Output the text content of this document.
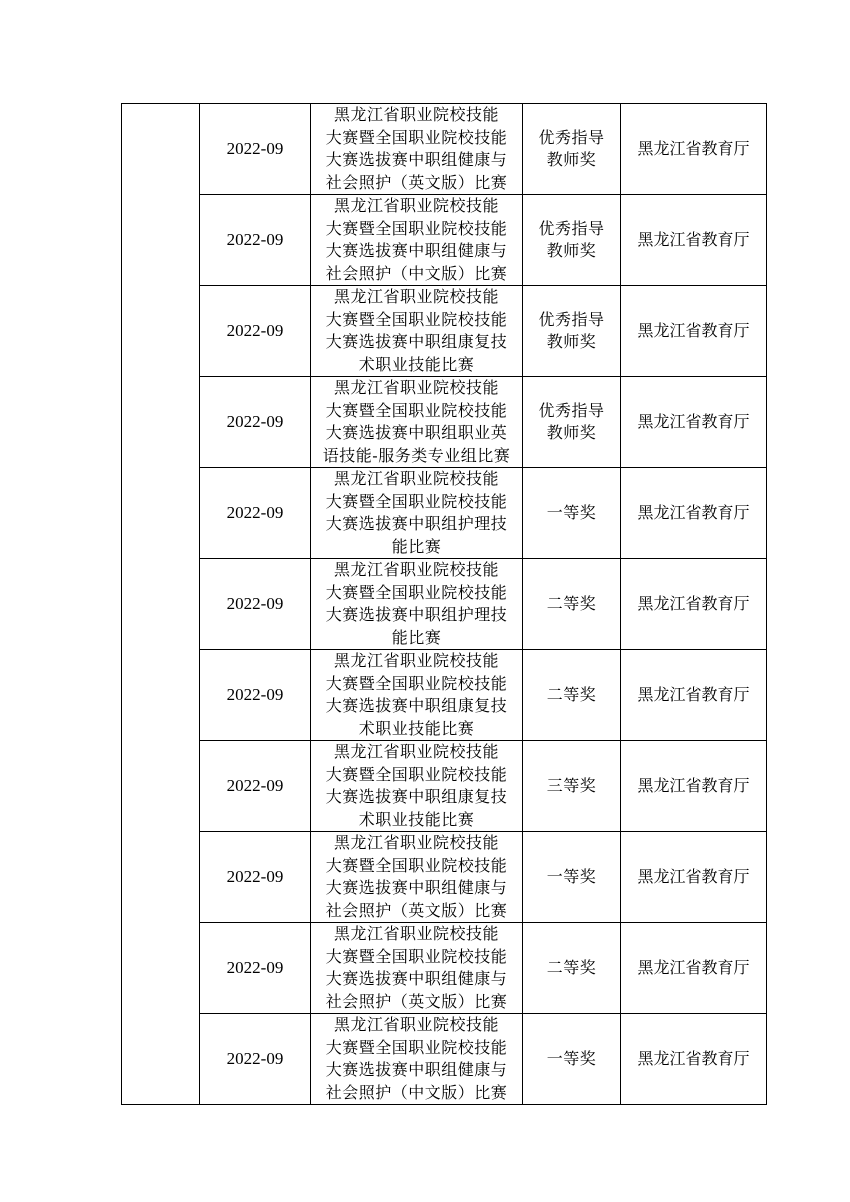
	2022-09	黑龙江省职业院校技能
大赛暨全国职业院校技能
大赛选拔赛中职组健康与
社会照护（英文版）比赛	优秀指导
教师奖	黑龙江省教育厅
	2022-09	黑龙江省职业院校技能
大赛暨全国职业院校技能
大赛选拔赛中职组健康与
社会照护（中文版）比赛	优秀指导
教师奖	黑龙江省教育厅
	2022-09	黑龙江省职业院校技能
大赛暨全国职业院校技能
大赛选拔赛中职组康复技
术职业技能比赛	优秀指导
教师奖	黑龙江省教育厅
	2022-09	黑龙江省职业院校技能
大赛暨全国职业院校技能
大赛选拔赛中职组职业英
语技能-服务类专业组比赛	优秀指导
教师奖	黑龙江省教育厅
	2022-09	黑龙江省职业院校技能
大赛暨全国职业院校技能
大赛选拔赛中职组护理技
能比赛	一等奖	黑龙江省教育厅
	2022-09	黑龙江省职业院校技能
大赛暨全国职业院校技能
大赛选拔赛中职组护理技
能比赛	二等奖	黑龙江省教育厅
	2022-09	黑龙江省职业院校技能
大赛暨全国职业院校技能
大赛选拔赛中职组康复技
术职业技能比赛	二等奖	黑龙江省教育厅
	2022-09	黑龙江省职业院校技能
大赛暨全国职业院校技能
大赛选拔赛中职组康复技
术职业技能比赛	三等奖	黑龙江省教育厅
	2022-09	黑龙江省职业院校技能
大赛暨全国职业院校技能
大赛选拔赛中职组健康与
社会照护（英文版）比赛	一等奖	黑龙江省教育厅
	2022-09	黑龙江省职业院校技能
大赛暨全国职业院校技能
大赛选拔赛中职组健康与
社会照护（英文版）比赛	二等奖	黑龙江省教育厅
	2022-09	黑龙江省职业院校技能
大赛暨全国职业院校技能
大赛选拔赛中职组健康与
社会照护（中文版）比赛	一等奖	黑龙江省教育厅
